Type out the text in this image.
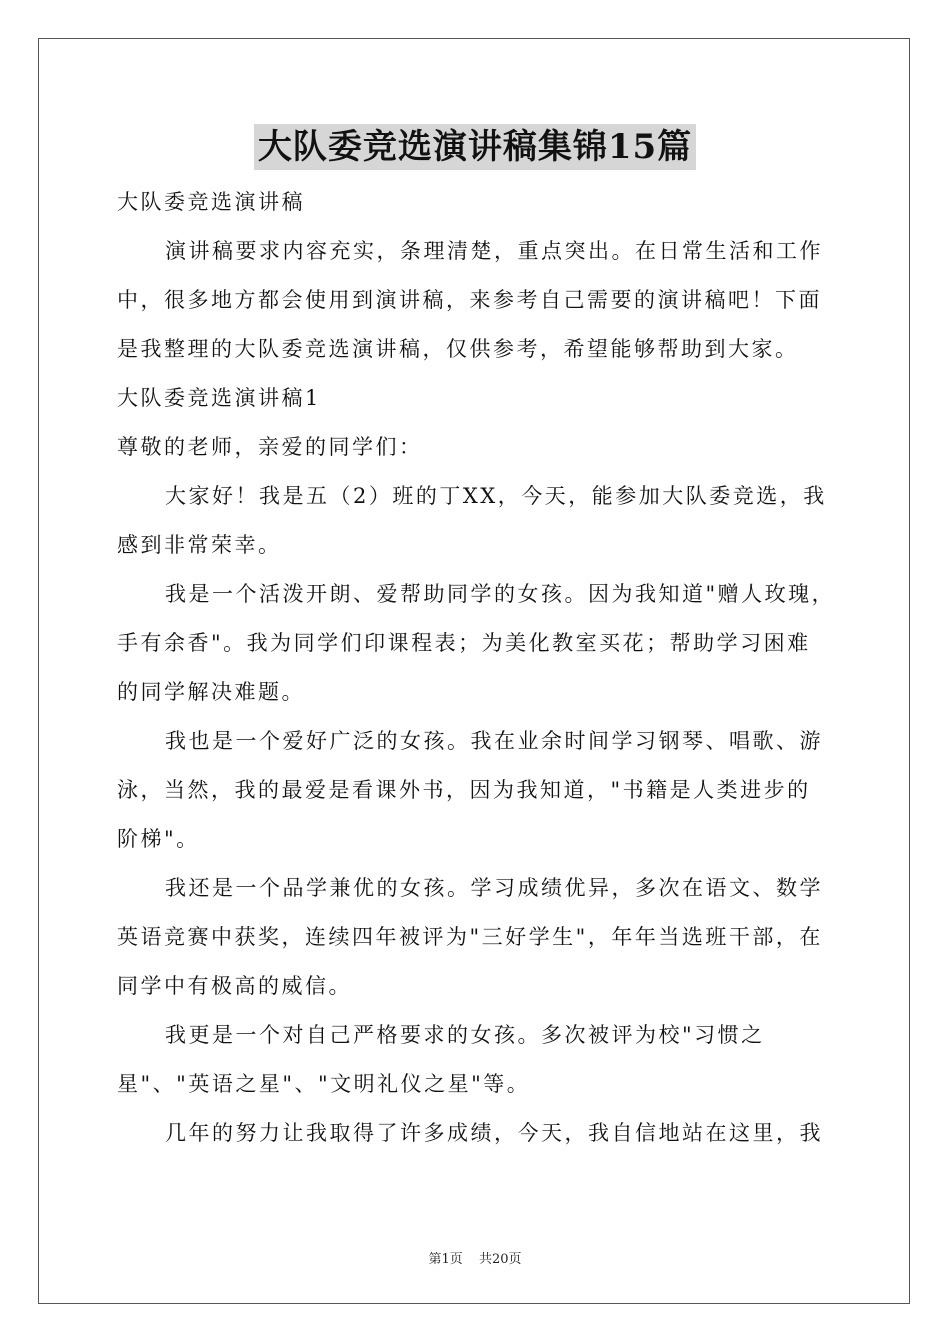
大队委竞选演讲稿集锦15篇
大队委竞选演讲稿
演讲稿要求内容充实，条理清楚，重点突出。在日常生活和工作
中，很多地方都会使用到演讲稿，来参考自己需要的演讲稿吧！下面
是我整理的大队委竞选演讲稿，仅供参考，希望能够帮助到大家。
大队委竞选演讲稿1
尊敬的老师，亲爱的同学们：
大家好！我是五（2）班的丁XX，今天，能参加大队委竞选，我
感到非常荣幸。
我是一个活泼开朗、爱帮助同学的女孩。因为我知道"赠人玫瑰，
手有余香"。我为同学们印课程表；为美化教室买花；帮助学习困难
的同学解决难题。
我也是一个爱好广泛的女孩。我在业余时间学习钢琴、唱歌、游
泳，当然，我的最爱是看课外书，因为我知道，"书籍是人类进步的
阶梯"。
我还是一个品学兼优的女孩。学习成绩优异，多次在语文、数学
英语竞赛中获奖，连续四年被评为"三好学生"，年年当选班干部，在
同学中有极高的威信。
我更是一个对自己严格要求的女孩。多次被评为校"习惯之
星"、"英语之星"、"文明礼仪之星"等。
几年的努力让我取得了许多成绩，今天，我自信地站在这里，我
第1页 共20页
